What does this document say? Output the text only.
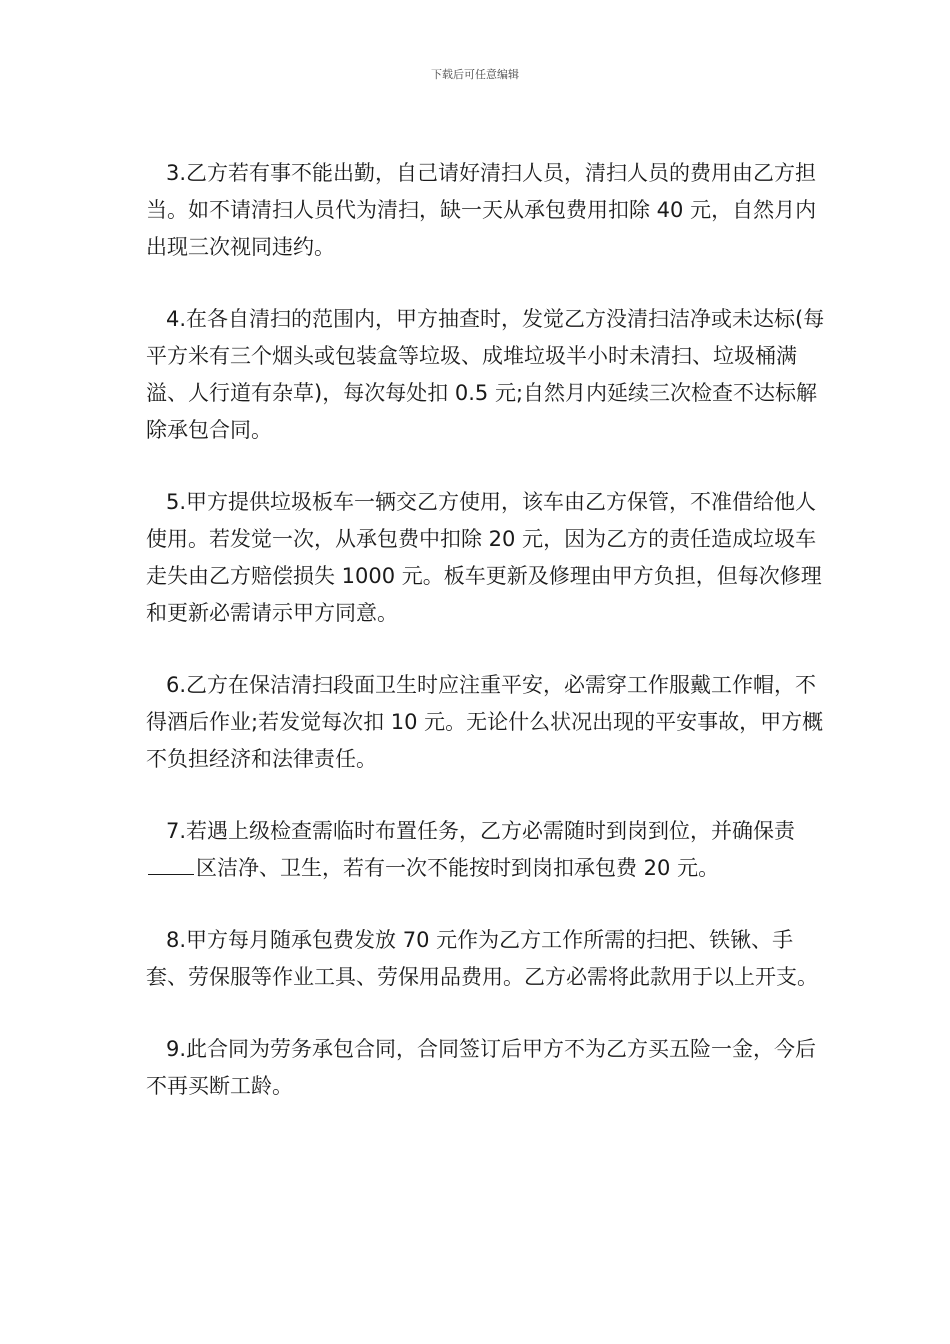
下载后可任意编辑

3.乙方若有事不能出勤，自己请好清扫人员，清扫人员的费用由乙方担当。如不请清扫人员代为清扫，缺一天从承包费用扣除 40 元，自然月内出现三次视同违约。

4.在各自清扫的范围内，甲方抽查时，发觉乙方没清扫洁净或未达标(每平方米有三个烟头或包装盒等垃圾、成堆垃圾半小时未清扫、垃圾桶满溢、人行道有杂草)，每次每处扣 0.5 元;自然月内延续三次检查不达标解除承包合同。

5.甲方提供垃圾板车一辆交乙方使用，该车由乙方保管，不准借给他人使用。若发觉一次，从承包费中扣除 20 元，因为乙方的责任造成垃圾车走失由乙方赔偿损失 1000 元。板车更新及修理由甲方负担，但每次修理和更新必需请示甲方同意。

6.乙方在保洁清扫段面卫生时应注重平安，必需穿工作服戴工作帽，不得酒后作业;若发觉每次扣 10 元。无论什么状况出现的平安事故，甲方概不负担经济和法律责任。

7.若遇上级检查需临时布置任务，乙方必需随时到岗到位，并确保责区洁净、卫生，若有一次不能按时到岗扣承包费 20 元。

8.甲方每月随承包费发放 70 元作为乙方工作所需的扫把、铁锹、手套、劳保服等作业工具、劳保用品费用。乙方必需将此款用于以上开支。

9.此合同为劳务承包合同，合同签订后甲方不为乙方买五险一金，今后不再买断工龄。
